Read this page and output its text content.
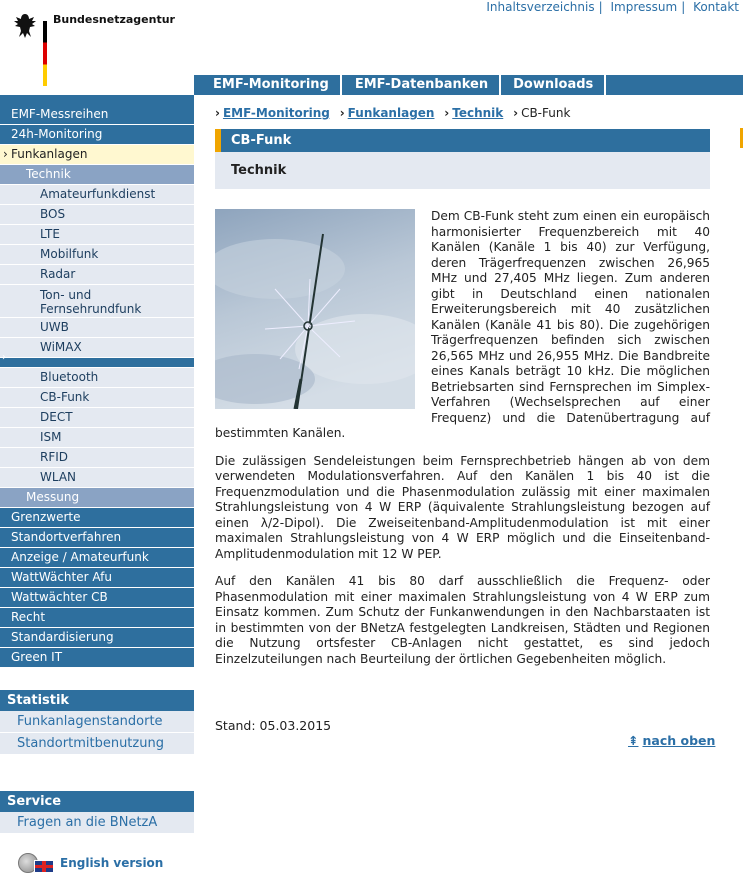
Bundesnetzagentur
Inhaltsverzeichnis | Impressum | Kontakt
EMF-Monitoring	EMF-Datenbanken	Downloads
EMF-Messreihen
24h-Monitoring
› Funkanlagen
Technik
Amateurfunkdienst
BOS
LTE
Mobilfunk
Radar
Ton- und Fernsehrundfunk
UWB
WiMAX
›
Bluetooth
CB-Funk
DECT
ISM
RFID
WLAN
Messung
Grenzwerte
Standortverfahren
Anzeige / Amateurfunk
WattWächter Afu
Wattwächter CB
Recht
Standardisierung
Green IT
Statistik
Funkanlagenstandorte
Standortmitbenutzung
Service
Fragen an die BNetzA
English version
› EMF-Monitoring › Funkanlagen › Technik › CB-Funk
CB-Funk
Technik

Dem CB-Funk steht zum einen ein europäisch harmonisierter Frequenzbereich mit 40 Kanälen (Kanäle 1 bis 40) zur Verfügung, deren Trägerfrequenzen zwischen 26,965 MHz und 27,405 MHz liegen. Zum anderen gibt in Deutschland einen nationalen Erweiterungsbereich mit 40 zusätzlichen Kanälen (Kanäle 41 bis 80). Die zugehörigen Trägerfrequenzen befinden sich zwischen 26,565 MHz und 26,955 MHz. Die Bandbreite eines Kanals beträgt 10 kHz. Die möglichen Betriebsarten sind Fernsprechen im Simplex-Verfahren (Wechselsprechen auf einer Frequenz) und die Datenübertragung auf bestimmten Kanälen.

Die zulässigen Sendeleistungen beim Fernsprechbetrieb hängen ab von dem verwendeten Modulationsverfahren. Auf den Kanälen 1 bis 40 ist die Frequenzmodulation und die Phasenmodulation zulässig mit einer maximalen Strahlungsleistung von 4 W ERP (äquivalente Strahlungsleistung bezogen auf einen λ/2-Dipol). Die Zweiseitenband-Amplitudenmodulation ist mit einer maximalen Strahlungsleistung von 4 W ERP möglich und die Einseitenband-Amplitudenmodulation mit 12 W PEP.

Auf den Kanälen 41 bis 80 darf ausschließlich die Frequenz- oder Phasenmodulation mit einer maximalen Strahlungsleistung von 4 W ERP zum Einsatz kommen. Zum Schutz der Funkanwendungen in den Nachbarstaaten ist in bestimmten von der BNetzA festgelegten Landkreisen, Städten und Regionen die Nutzung ortsfester CB-Anlagen nicht gestattet, es sind jedoch Einzelzuteilungen nach Beurteilung der örtlichen Gegebenheiten möglich.

Stand: 05.03.2015
⇞ nach oben
